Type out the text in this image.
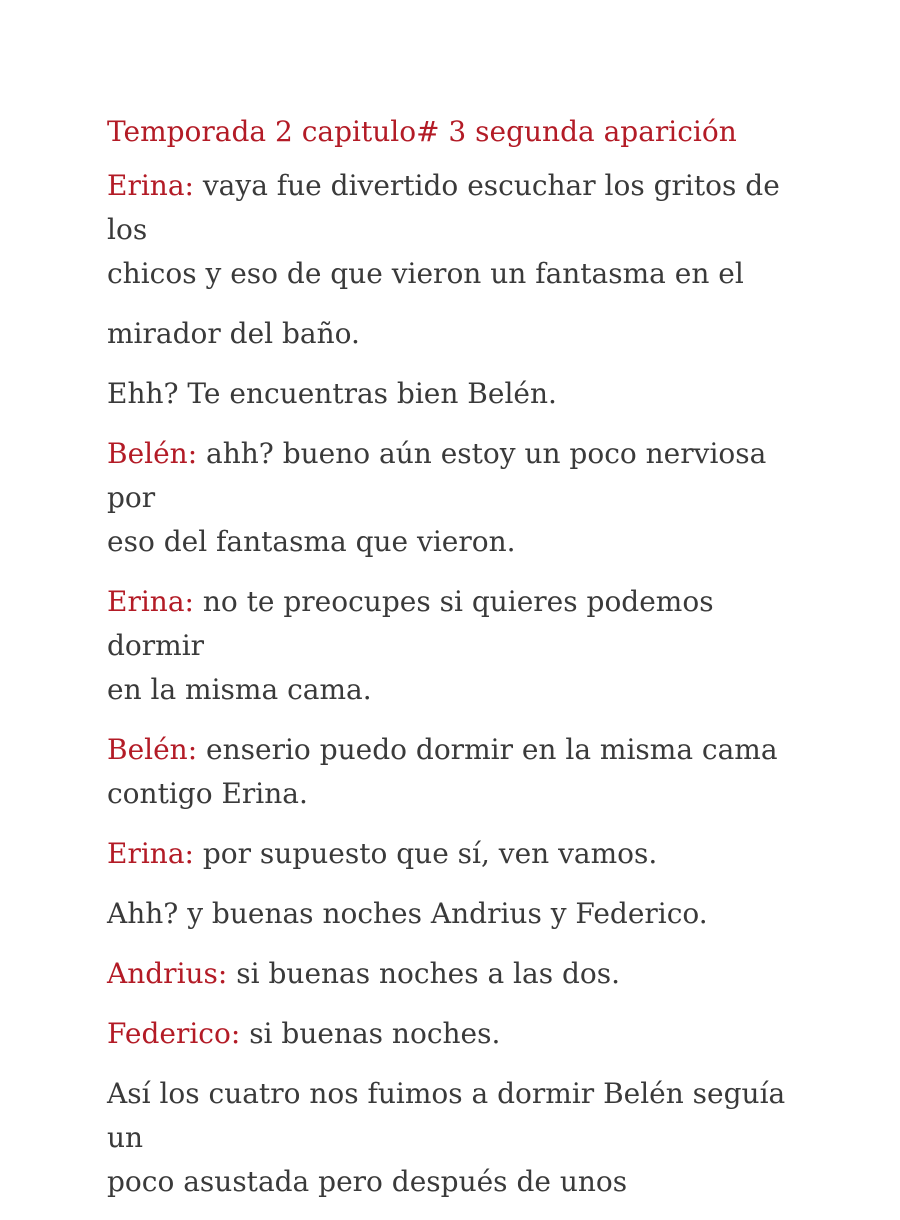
Temporada 2 capitulo# 3 segunda aparición
Erina: vaya fue divertido escuchar los gritos de los
chicos y eso de que vieron un fantasma en el
mirador del baño.
Ehh? Te encuentras bien Belén.
Belén: ahh? bueno aún estoy un poco nerviosa por
eso del fantasma que vieron.
Erina: no te preocupes si quieres podemos dormir
en la misma cama.
Belén: enserio puedo dormir en la misma cama
contigo Erina.
Erina: por supuesto que sí, ven vamos.
Ahh? y buenas noches Andrius y Federico.
Andrius: si buenas noches a las dos.
Federico: si buenas noches.
Así los cuatro nos fuimos a dormir Belén seguía un
poco asustada pero después de unos
